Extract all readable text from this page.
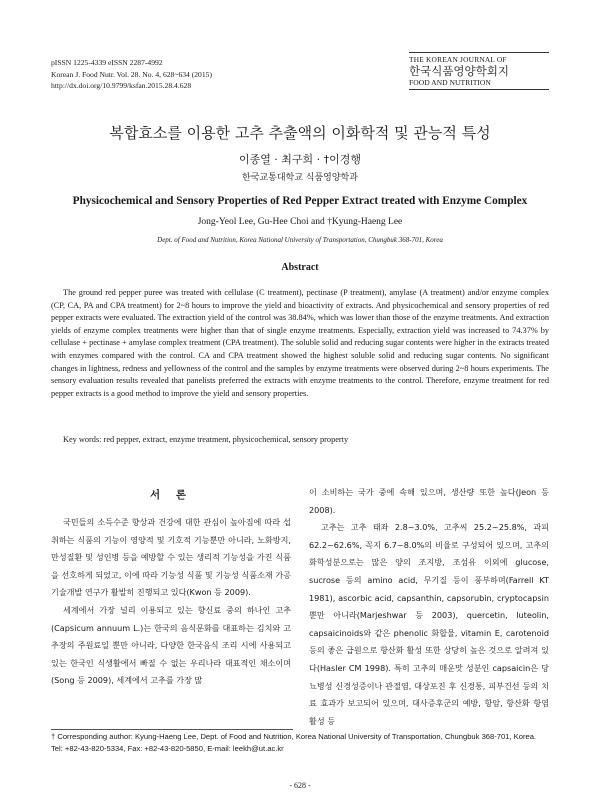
pISSN 1225-4339 eISSN 2287-4992
Korean J. Food Nutr. Vol. 28. No. 4, 628~634 (2015)
http://dx.doi.org/10.9799/ksfan.2015.28.4.628
THE KOREAN JOURNAL OF
한국식품영양학회지
FOOD AND NUTRITION
복합효소를 이용한 고추 추출액의 이화학적 및 관능적 특성
이종열 · 최구희 · †이경행
한국교통대학교 식품영양학과
Physicochemical and Sensory Properties of Red Pepper Extract treated with Enzyme Complex
Jong-Yeol Lee, Gu-Hee Choi and †Kyung-Haeng Lee
Dept. of Food and Nutrition, Korea National University of Transportation, Chungbuk 368-701, Korea
Abstract

The ground red pepper puree was treated with cellulase (C treatment), pectinase (P treatment), amylase (A treatment) and/or enzyme complex (CP, CA, PA and CPA treatment) for 2~8 hours to improve the yield and bioactivity of extracts. And physicochemical and sensory properties of red pepper extracts were evaluated. The extraction yield of the control was 38.84%, which was lower than those of the enzyme treatments. And extraction yields of enzyme complex treatments were higher than that of single enzyme treatments. Especially, extraction yield was increased to 74.37% by cellulase + pectinase + amylase complex treatment (CPA treatment). The soluble solid and reducing sugar contents were higher in the extracts treated with enzymes compared with the control. CA and CPA treatment showed the highest soluble solid and reducing sugar contents. No significant changes in lightness, redness and yellowness of the control and the samples by enzyme treatments were observed during 2~8 hours experiments. The sensory evaluation results revealed that panelists preferred the extracts with enzyme treatments to the control. Therefore, enzyme treatment for red pepper extracts is a good method to improve the yield and sensory properties.

Key words: red pepper, extract, enzyme treatment, physicochemical, sensory property
서 론

국민들의 소득수준 향상과 건강에 대한 관심이 높아짐에 따라 섭취하는 식품의 기능이 영양적 및 기호적 기능뿐만 아니라, 노화방지, 만성질환 및 성인병 등을 예방할 수 있는 생리적 기능성을 가진 식품을 선호하게 되었고, 이에 따라 기능성 식품 및 기능성 식품소재 가공기술개발 연구가 활발히 진행되고 있다(Kwon 등 2009).

세계에서 가장 널리 이용되고 있는 향신료 중의 하나인 고추(Capsicum annuum L.)는 한국의 음식문화를 대표하는 김치와 고추장의 주원료일 뿐만 아니라, 다양한 한국음식 조리 시에 사용되고 있는 한국인 식생활에서 빠질 수 없는 우리나라 대표적인 채소이며(Song 등 2009), 세계에서 고추를 가장 많

이 소비하는 국가 중에 속해 있으며, 생산량 또한 높다(Jeon 등 2008).

고추는 고추 태좌 2.8~3.0%, 고추씨 25.2~25.8%, 과피 62.2~62.6%, 꼭지 6.7~8.0%의 비율로 구성되어 있으며, 고추의 화학성분으로는 많은 양의 조지방, 조섬유 이외에 glucose, sucrose 등의 amino acid, 무기질 등이 풍부하며(Farrell KT 1981), ascorbic acid, capsanthin, capsorubin, cryptocapsin 뿐만 아니라(Marjeshwar 등 2003), quercetin, luteolin, capsaicinoids와 같은 phenolic 화합물, vitamin E, carotenoid 등의 좋은 급원으로 항산화 활성 또한 상당히 높은 것으로 알려져 있다(Hasler CM 1998). 특히 고추의 매운맛 성분인 capsaicin은 당뇨병성 신경성증이나 관절염, 대상포진 후 신경통, 피부건선 등의 치료 효과가 보고되어 있으며, 대사증후군의 예방, 항암, 항산화 항염 활성 등

† Corresponding author: Kyung-Haeng Lee, Dept. of Food and Nutrition, Korea National University of Transportation, Chungbuk 368-701, Korea. Tel: +82-43-820-5334, Fax: +82-43-820-5850, E-mail: leekh@ut.ac.kr
- 628 -
